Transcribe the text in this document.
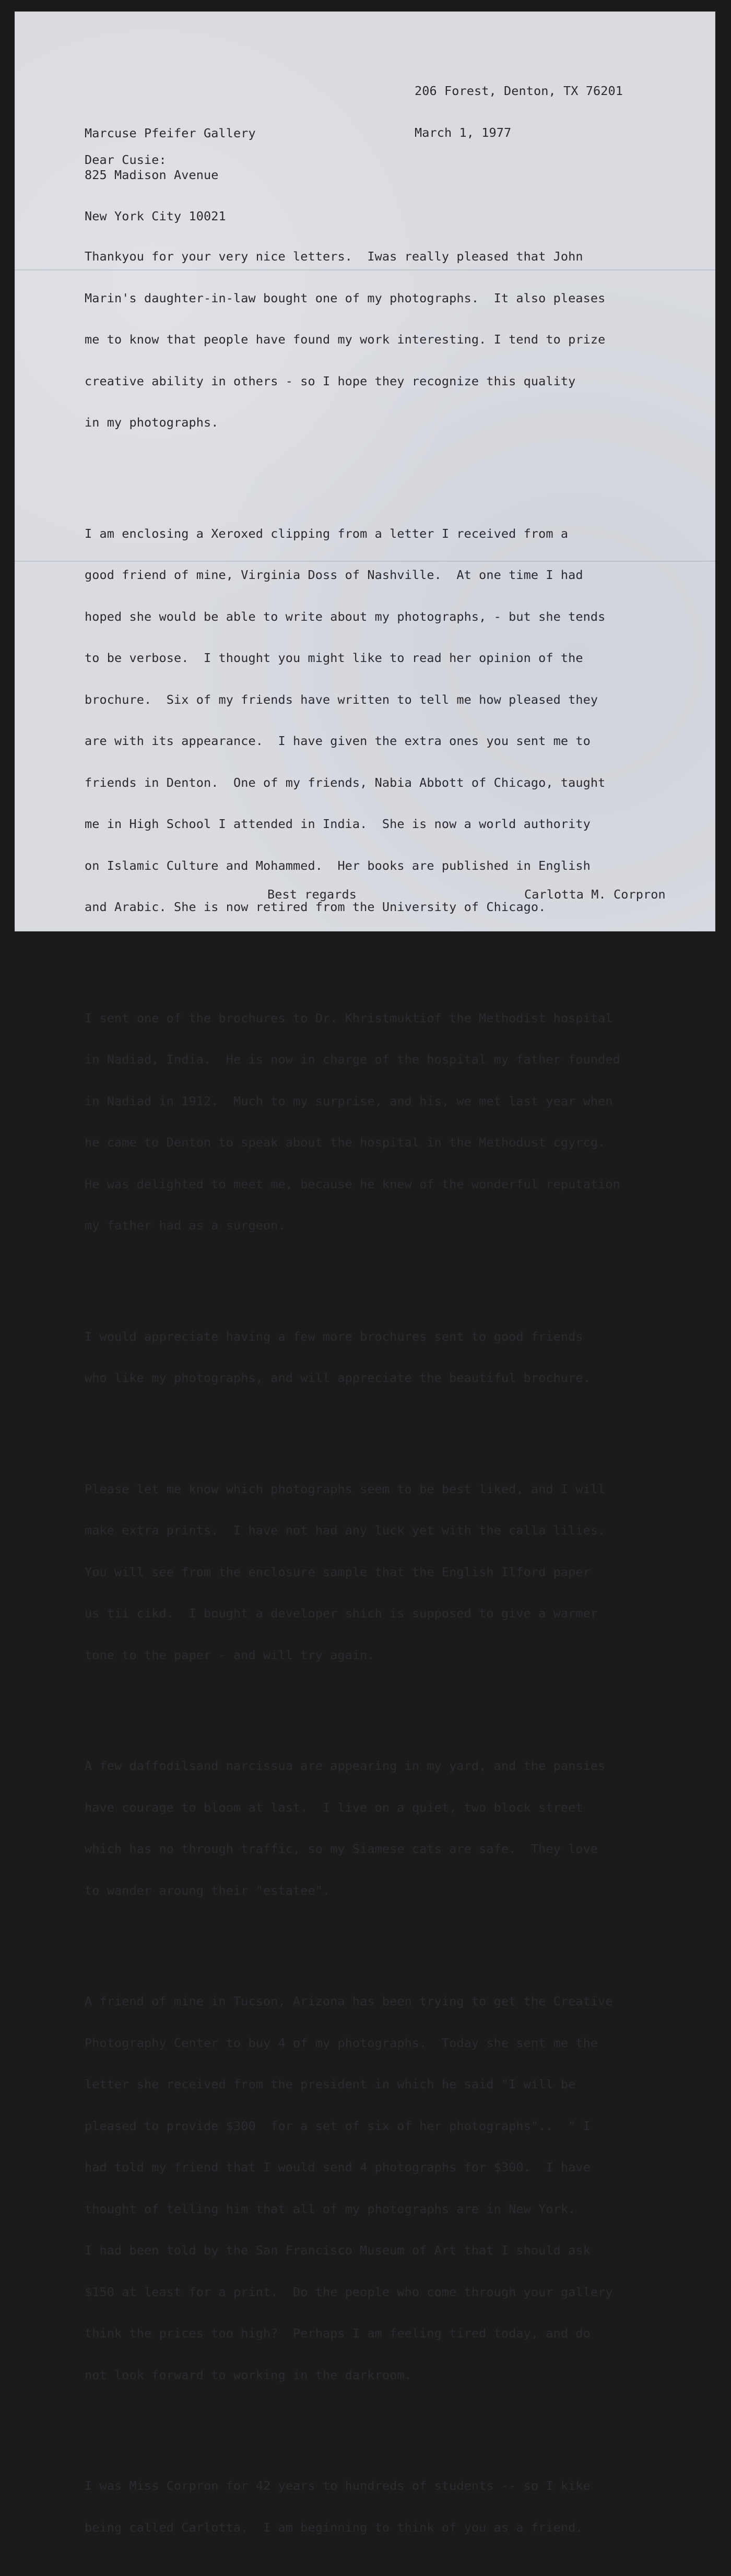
206 Forest, Denton, TX 76201

March 1, 1977

Marcuse Pfeifer Gallery

825 Madison Avenue

New York City 10021

Dear Cusie:

Thankyou for your very nice letters.  Iwas really pleased that John

Marin's daughter-in-law bought one of my photographs.  It also pleases

me to know that people have found my work interesting. I tend to prize

creative ability in others - so I hope they recognize this quality

in my photographs.

I am enclosing a Xeroxed clipping from a letter I received from a

good friend of mine, Virginia Doss of Nashville.  At one time I had

hoped she would be able to write about my photographs, - but she tends

to be verbose.  I thought you might like to read her opinion of the

brochure.  Six of my friends have written to tell me how pleased they

are with its appearance.  I have given the extra ones you sent me to

friends in Denton.  One of my friends, Nabia Abbott of Chicago, taught

me in High School I attended in India.  She is now a world authority

on Islamic Culture and Mohammed.  Her books are published in English

and Arabic. She is now retired from the University of Chicago.

I sent one of the brochures to Dr. Khristmuktiof the Methodist hospital

in Nadiad, India.  He is now in charge of the hospital my father founded

in Nadiad in 1912.  Much to my surprise, and his, we met last year when

he came to Denton to speak about the hospital in the Methodust cgyrcg.

He was delighted to meet me, because he knew of the wonderful reputation

my father had as a surgeon.

I would appreciate having a few more brochures sent to good friends

who like my photographs, and will appreciate the beautiful brochure.

Please let me know which photographs seem to be best liked, and I will

make extra prints.  I have not had any luck yet with the calla lilies.

You will see from the enclosure sample that the English Ilford paper

us tii cikd.  I bought a developer shich is supposed to give a warmer

tone to the paper - and will try again.

A few daffodilsand narcissua are appearing in my yard, and the pansies

have courage to bloom at last.  I live on a quiet, two block street

which has no through traffic, so my Siamese cats are safe.  They love

to wander aroung their "estatee".

A friend of mine in Tucson, Arizona has been trying to get the Creative

Photography Center to buy 4 of my photographs.  Today she sent me the

letter she received from the president in which he said "I will be

pleased to provide $300  for a set of six of her photographs"..  " I

had told my friend that I would send 4 photographs for $300.  I have

thought of telling him that all of my photographs are in New York.

I had been told by the San Francisco Museum of Art that I should ask

$150 at least for a print.  Do the people who come through your gallery

think the prices too high?  Perhaps I am feeling tired today, and do

not look forward to working in the darkroom.

I was Miss Corpron for 42 years to hundreds of students -- so I kike

being called Carlotta.  I am beginning to think of you as a friend.

Best regards

	Carlotta M. Corpron
